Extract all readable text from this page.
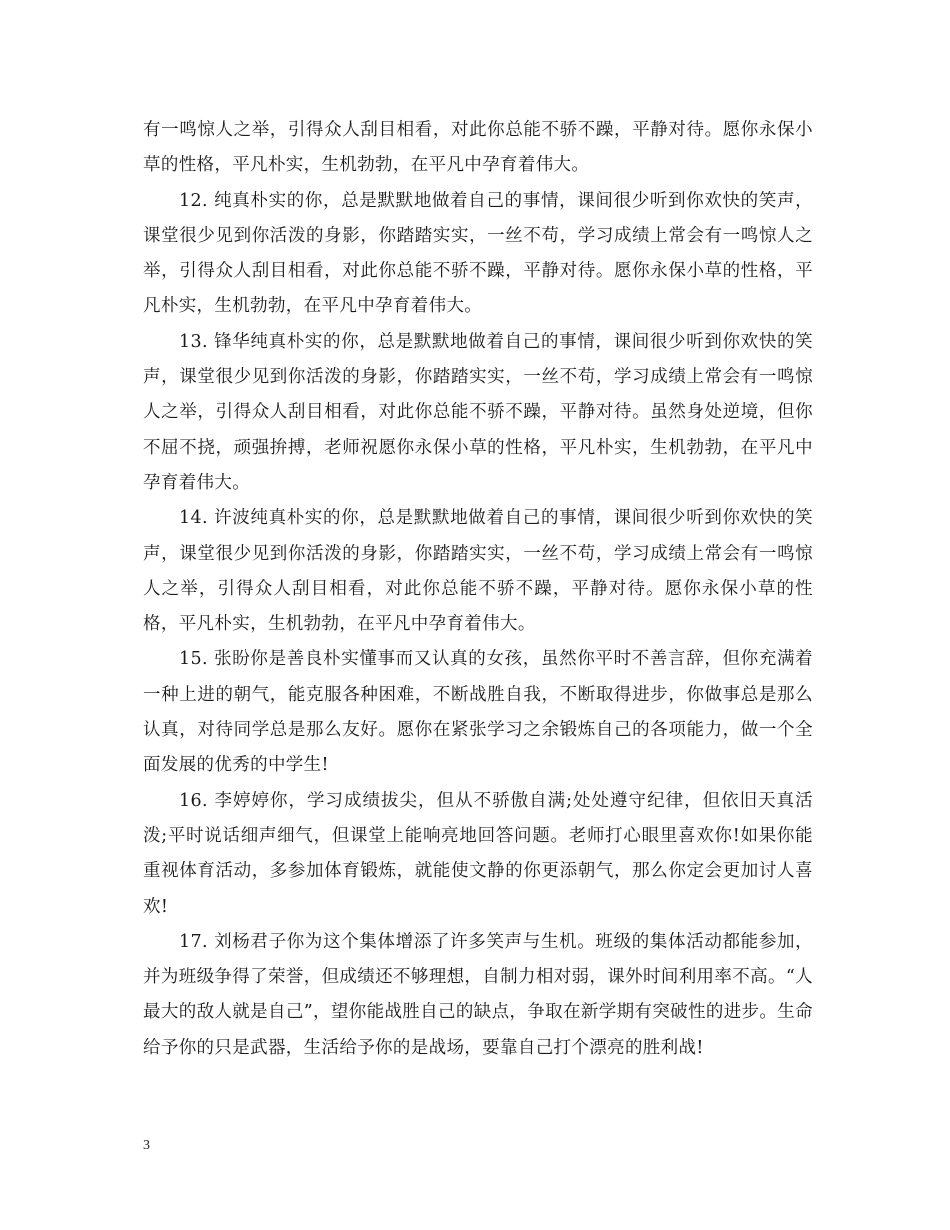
有一鸣惊人之举，引得众人刮目相看，对此你总能不骄不躁，平静对待。愿你永保小草的性格，平凡朴实，生机勃勃，在平凡中孕育着伟大。

12. 纯真朴实的你，总是默默地做着自己的事情，课间很少听到你欢快的笑声，课堂很少见到你活泼的身影，你踏踏实实，一丝不苟，学习成绩上常会有一鸣惊人之举，引得众人刮目相看，对此你总能不骄不躁，平静对待。愿你永保小草的性格，平凡朴实，生机勃勃，在平凡中孕育着伟大。

13. 锋华纯真朴实的你，总是默默地做着自己的事情，课间很少听到你欢快的笑声，课堂很少见到你活泼的身影，你踏踏实实，一丝不苟，学习成绩上常会有一鸣惊人之举，引得众人刮目相看，对此你总能不骄不躁，平静对待。虽然身处逆境，但你不屈不挠，顽强拚搏，老师祝愿你永保小草的性格，平凡朴实，生机勃勃，在平凡中孕育着伟大。

14. 许波纯真朴实的你，总是默默地做着自己的事情，课间很少听到你欢快的笑声，课堂很少见到你活泼的身影，你踏踏实实，一丝不苟，学习成绩上常会有一鸣惊人之举，引得众人刮目相看，对此你总能不骄不躁，平静对待。愿你永保小草的性格，平凡朴实，生机勃勃，在平凡中孕育着伟大。

15. 张盼你是善良朴实懂事而又认真的女孩，虽然你平时不善言辞，但你充满着一种上进的朝气，能克服各种困难，不断战胜自我，不断取得进步，你做事总是那么认真，对待同学总是那么友好。愿你在紧张学习之余锻炼自己的各项能力，做一个全面发展的优秀的中学生!

16. 李婷婷你，学习成绩拔尖，但从不骄傲自满;处处遵守纪律，但依旧天真活泼;平时说话细声细气，但课堂上能响亮地回答问题。老师打心眼里喜欢你!如果你能重视体育活动，多参加体育锻炼，就能使文静的你更添朝气，那么你定会更加讨人喜欢!

17. 刘杨君子你为这个集体增添了许多笑声与生机。班级的集体活动都能参加，并为班级争得了荣誉，但成绩还不够理想，自制力相对弱，课外时间利用率不高。“人最大的敌人就是自己”，望你能战胜自己的缺点，争取在新学期有突破性的进步。生命给予你的只是武器，生活给予你的是战场，要靠自己打个漂亮的胜利战!

3
